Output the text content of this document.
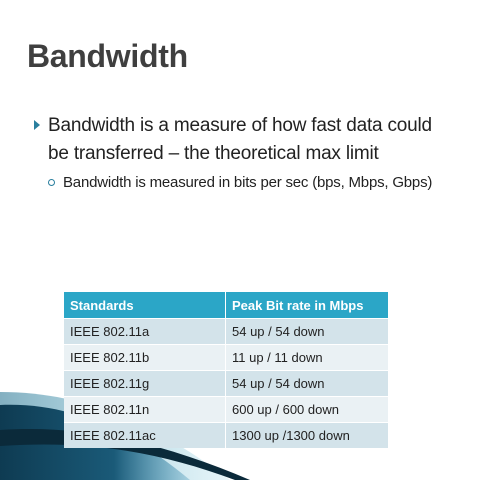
Bandwidth
Bandwidth is a measure of how fast data could be transferred – the theoretical max limit
Bandwidth is measured in bits per sec (bps, Mbps, Gbps)
Standards	Peak Bit rate in Mbps
IEEE 802.11a	54 up / 54 down
IEEE 802.11b	11 up / 11 down
IEEE 802.11g	54 up / 54 down
IEEE 802.11n	600 up / 600 down
IEEE 802.11ac	1300 up /1300 down
